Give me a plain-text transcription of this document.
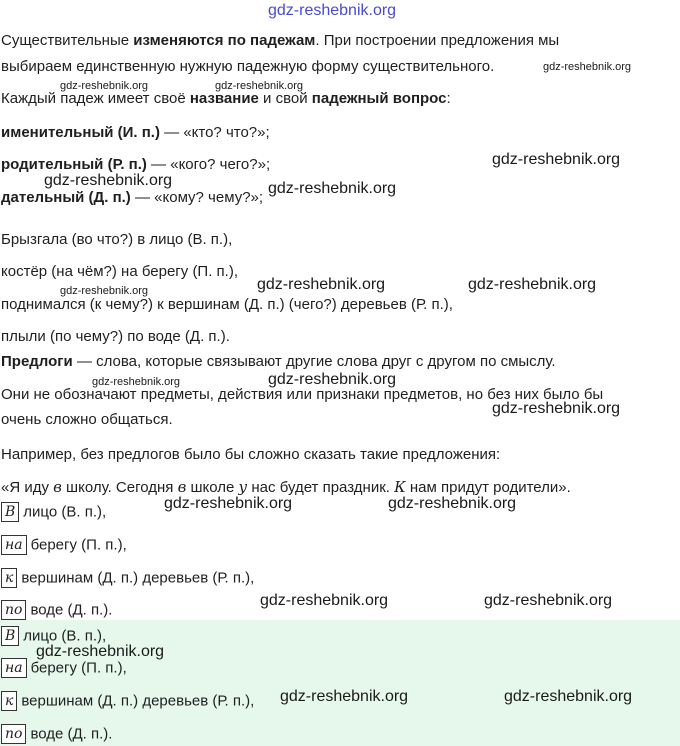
gdz-reshebnik.org
Существительные изменяются по падежам. При построении предложения мы
выбираем единственную нужную падежную форму существительного.
Каждый падеж имеет своё название и свой падежный вопрос:
именительный (И. п.) — «кто? что?»;
родительный (Р. п.) — «кого? чего?»;
дательный (Д. п.) — «кому? чему?»;
Брызгала (во что?) в лицо (В. п.),
костёр (на чём?) на берегу (П. п.),
поднимался (к чему?) к вершинам (Д. п.) (чего?) деревьев (Р. п.),
плыли (по чему?) по воде (Д. п.).
Предлоги — слова, которые связывают другие слова друг с другом по смыслу.
Они не обозначают предметы, действия или признаки предметов, но без них было бы
очень сложно общаться.
Например, без предлогов было бы сложно сказать такие предложения:
«Я иду в школу. Сегодня в школе у нас будет праздник. К нам придут родители».
В лицо (В. п.),
на берегу (П. п.),
к вершинам (Д. п.) деревьев (Р. п.),
по воде (Д. п.).
В лицо (В. п.),
на берегу (П. п.),
к вершинам (Д. п.) деревьев (Р. п.),
по воде (Д. п.).
gdz-reshebnik.org
gdz-reshebnik.org	gdz-reshebnik.org
gdz-reshebnik.org
gdz-reshebnik.org	gdz-reshebnik.org
gdz-reshebnik.org	gdz-reshebnik.org
gdz-reshebnik.org
gdz-reshebnik.org	gdz-reshebnik.org
gdz-reshebnik.org
gdz-reshebnik.org	gdz-reshebnik.org
gdz-reshebnik.org	gdz-reshebnik.org
gdz-reshebnik.org
gdz-reshebnik.org	gdz-reshebnik.org
